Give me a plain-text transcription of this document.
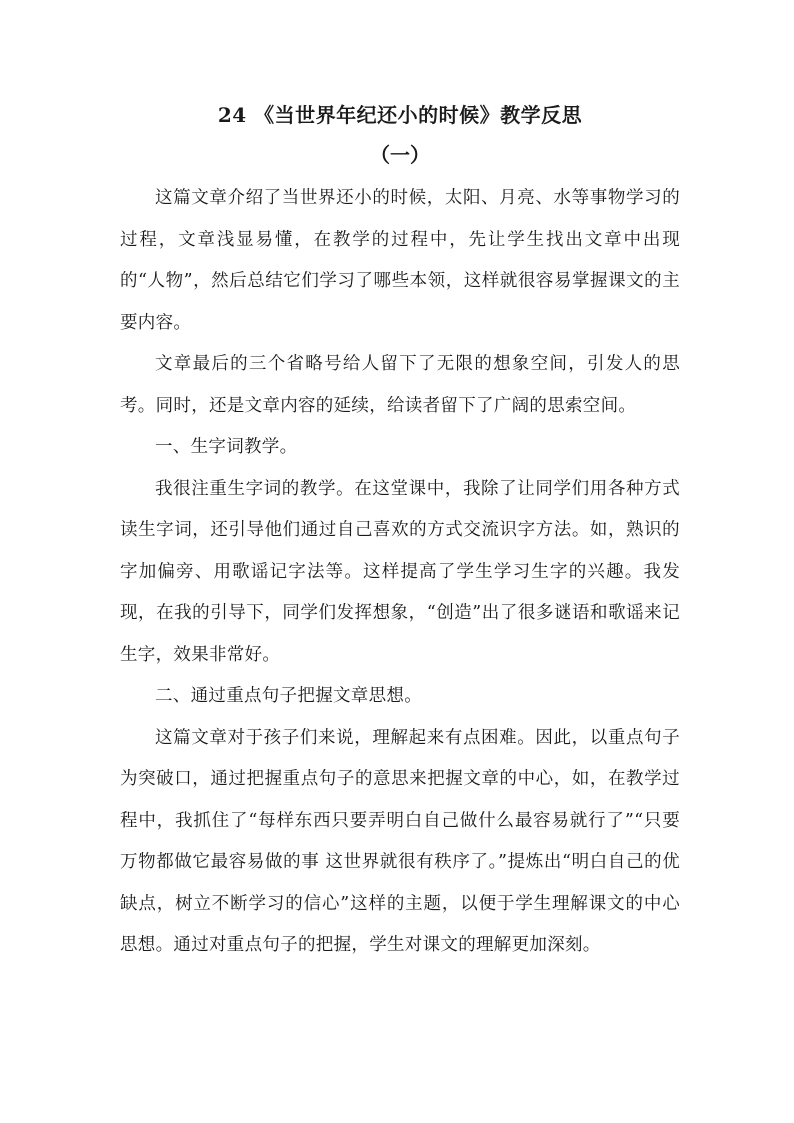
24 《当世界年纪还小的时候》教学反思
（一）

这篇文章介绍了当世界还小的时候，太阳、月亮、水等事物学习的过程，文章浅显易懂，在教学的过程中，先让学生找出文章中出现的“人物”，然后总结它们学习了哪些本领，这样就很容易掌握课文的主要内容。

文章最后的三个省略号给人留下了无限的想象空间，引发人的思考。同时，还是文章内容的延续，给读者留下了广阔的思索空间。

一、生字词教学。

我很注重生字词的教学。在这堂课中，我除了让同学们用各种方式读生字词，还引导他们通过自己喜欢的方式交流识字方法。如，熟识的字加偏旁、用歌谣记字法等。这样提高了学生学习生字的兴趣。我发现，在我的引导下，同学们发挥想象，“创造”出了很多谜语和歌谣来记生字，效果非常好。

二、通过重点句子把握文章思想。

这篇文章对于孩子们来说，理解起来有点困难。因此，以重点句子为突破口，通过把握重点句子的意思来把握文章的中心，如，在教学过程中，我抓住了“每样东西只要弄明白自己做什么最容易就行了”“只要万物都做它最容易做的事 这世界就很有秩序了。”提炼出“明白自己的优缺点，树立不断学习的信心”这样的主题，以便于学生理解课文的中心思想。通过对重点句子的把握，学生对课文的理解更加深刻。
